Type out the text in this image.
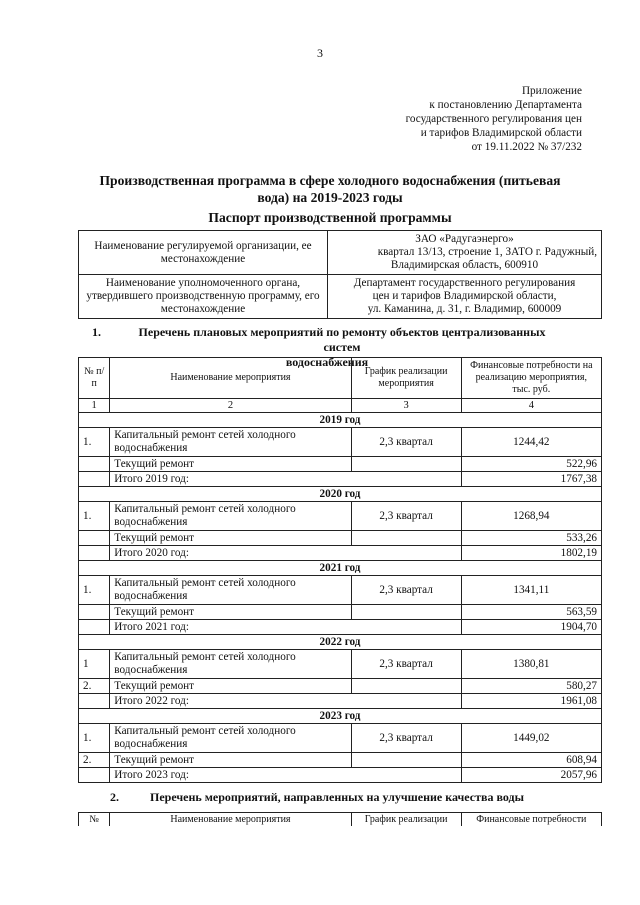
3
Приложение
к постановлению Департамента
государственного регулирования цен
и тарифов Владимирской области
от 19.11.2022 № 37/232
Производственная программа в сфере холодного водоснабжения (питьевая
вода) на 2019-2023 годы
Паспорт производственной программы
Наименование регулируемой организации, ее местонахождение	ЗАО «Радугаэнерго»
квартал 13/13, строение 1, ЗАТО г. Радужный,
Владимирская область, 600910

Наименование уполномоченного органа, утвердившего производственную программу, его местонахождение	Департамент государственного регулирования
цен и тарифов Владимирской области,
ул. Каманина, д. 31, г. Владимир, 600009
1.	Перечень плановых мероприятий по ремонту объектов централизованных систем
водоснабжения
№ п/п	Наименование мероприятия	График реализации мероприятия	Финансовые потребности на реализацию мероприятия, тыс. руб.
1	2	3	4
2019 год			
1.	Капитальный ремонт сетей холодного водоснабжения	2,3 квартал	1244,42
	Текущий ремонт		522,96
	Итого 2019 год:		1767,38
2020 год			
1.	Капитальный ремонт сетей холодного водоснабжения	2,3 квартал	1268,94
	Текущий ремонт		533,26
	Итого 2020 год:		1802,19
2021 год			
1.	Капитальный ремонт сетей холодного водоснабжения	2,3 квартал	1341,11
	Текущий ремонт		563,59
	Итого 2021 год:		1904,70
2022 год			
1	Капитальный ремонт сетей холодного водоснабжения	2,3 квартал	1380,81
2.	Текущий ремонт		580,27
	Итого 2022 год:		1961,08
2023 год			
1.	Капитальный ремонт сетей холодного водоснабжения	2,3 квартал	1449,02
2.	Текущий ремонт		608,94
	Итого 2023 год:		2057,96
2.	Перечень мероприятий, направленных на улучшение качества воды
№	Наименование мероприятия	График реализации	Финансовые потребности
